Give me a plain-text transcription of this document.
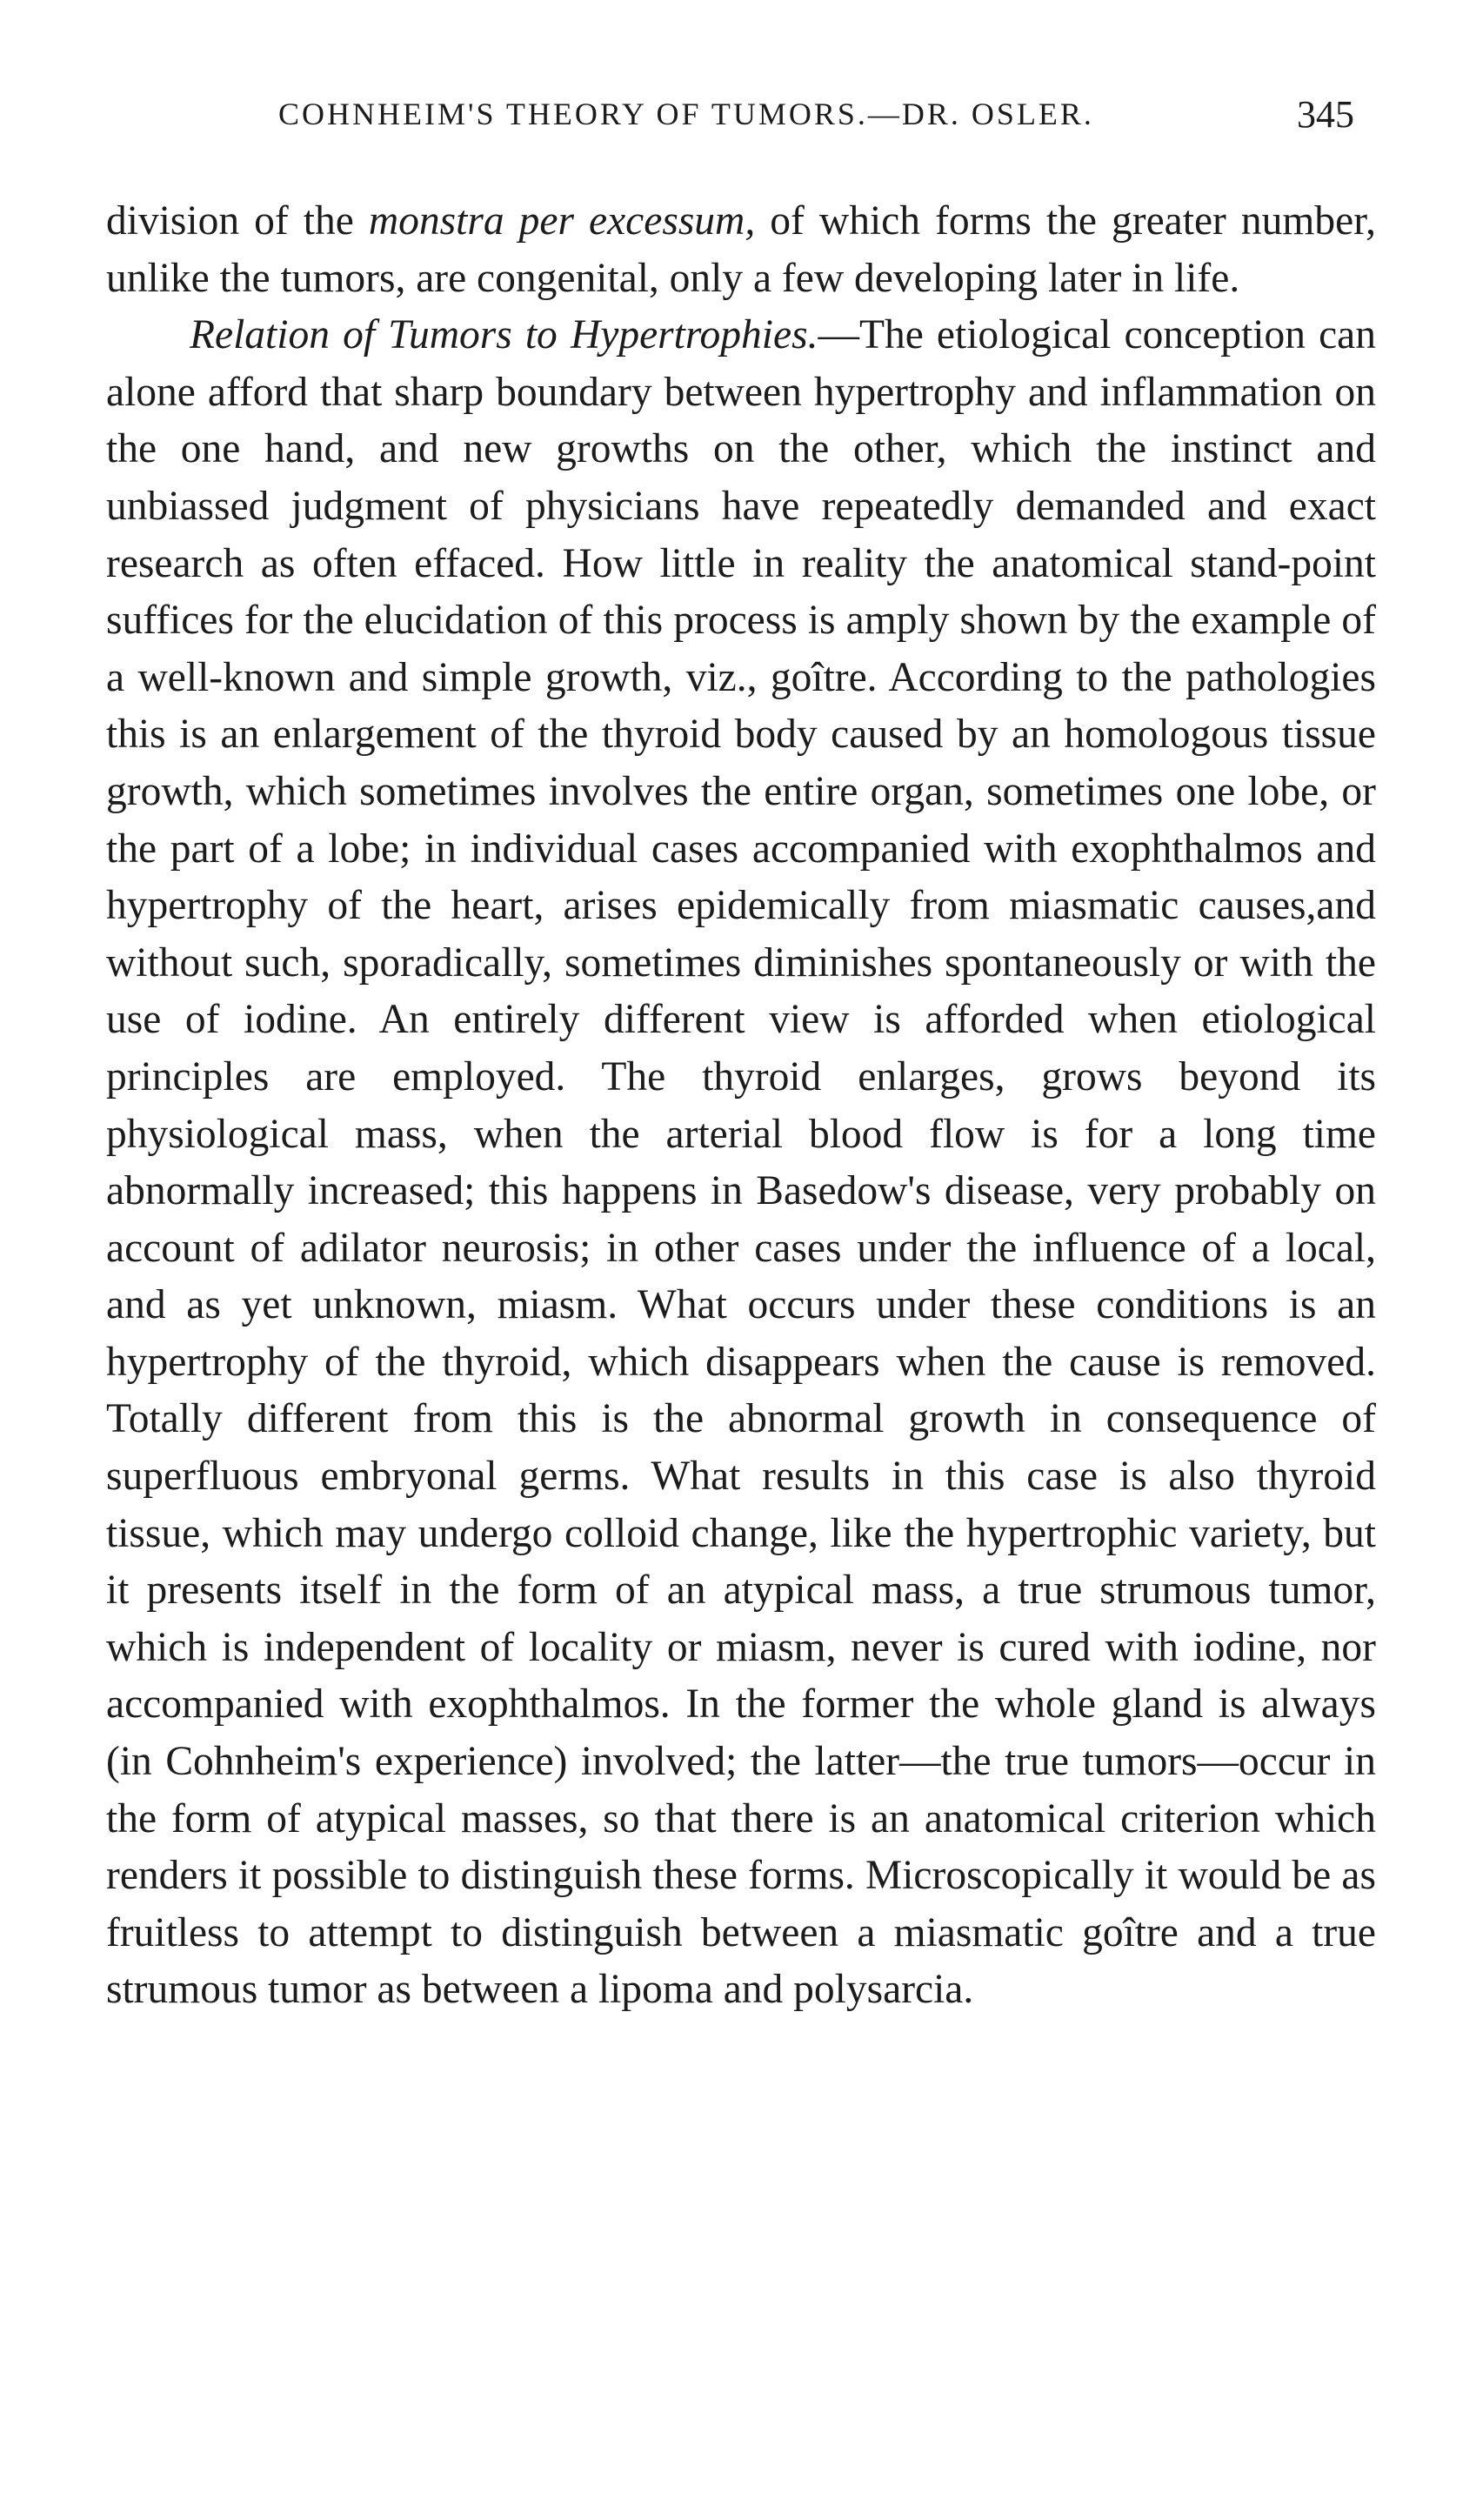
COHNHEIM'S THEORY OF TUMORS.—DR. OSLER.	345

division of the monstra per excessum, of which forms the greater number, unlike the tumors, are congenital, only a few developing later in life.

Relation of Tumors to Hypertrophies.—The etiological conception can alone afford that sharp boundary between hypertrophy and inflammation on the one hand, and new growths on the other, which the instinct and unbiassed judgment of physicians have repeatedly demanded and exact research as often effaced. How little in reality the anatomical stand-point suffices for the elucidation of this process is amply shown by the example of a well-known and simple growth, viz., goître. According to the pathologies this is an enlargement of the thyroid body caused by an homologous tissue growth, which sometimes involves the entire organ, sometimes one lobe, or the part of a lobe; in individual cases accompanied with exophthalmos and hypertrophy of the heart, arises epidemically from miasmatic causes,and without such, sporadically, sometimes diminishes spontaneously or with the use of iodine. An entirely different view is afforded when etiological principles are employed. The thyroid enlarges, grows beyond its physiological mass, when the arterial blood flow is for a long time abnormally increased; this happens in Basedow's disease, very probably on account of adilator neurosis; in other cases under the influence of a local, and as yet unknown, miasm. What occurs under these conditions is an hypertrophy of the thyroid, which disappears when the cause is removed. Totally different from this is the abnormal growth in consequence of superfluous embryonal germs. What results in this case is also thyroid tissue, which may undergo colloid change, like the hypertrophic variety, but it presents itself in the form of an atypical mass, a true strumous tumor, which is independent of locality or miasm, never is cured with iodine, nor accompanied with exophthalmos. In the former the whole gland is always (in Cohnheim's experience) involved; the latter—the true tumors—occur in the form of atypical masses, so that there is an anatomical criterion which renders it possible to distinguish these forms. Microscopically it would be as fruitless to attempt to distinguish between a miasmatic goître and a true strumous tumor as between a lipoma and polysarcia.
